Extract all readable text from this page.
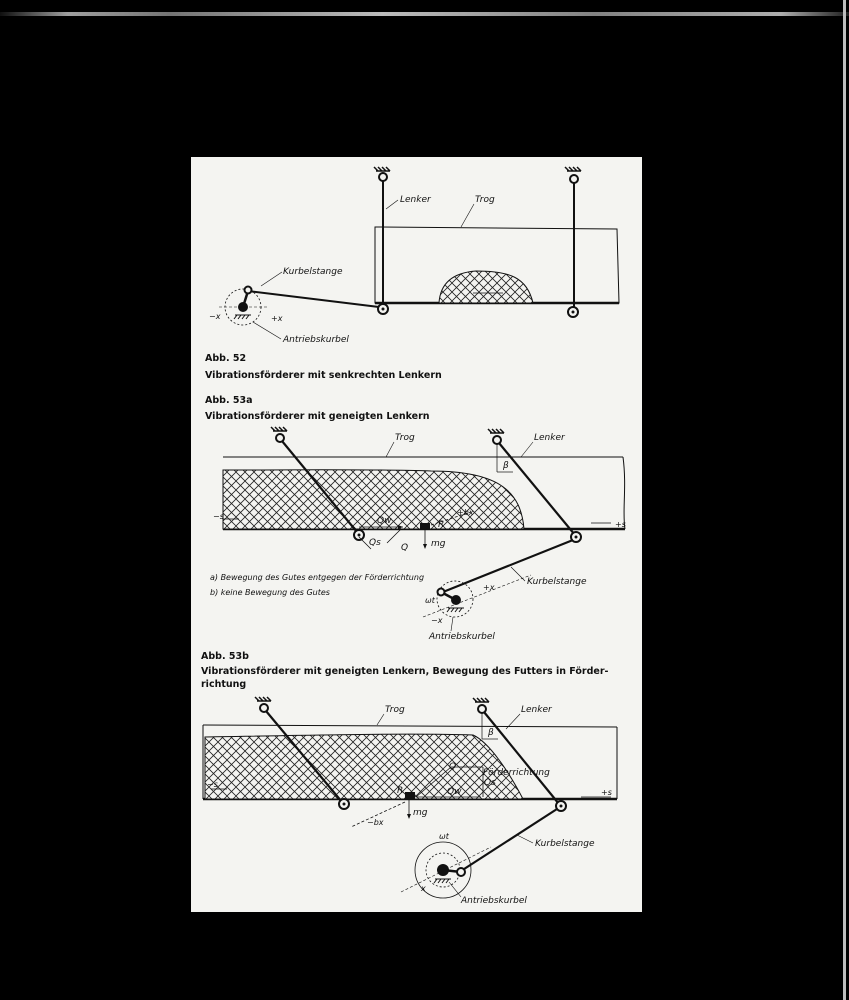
Lenker	Trog
Kurbelstange
Antriebskurbel
−x	+x
Abb. 52
Vibrationsförderer mit senkrechten Lenkern
Abb. 53a
Vibrationsförderer mit geneigten Lenkern
β
Trog	Lenker
−s
+s
Qw
Qs Q
R
mg
+bx
Kurbelstange
Antriebskurbel
ωt
−x
+x
a) Bewegung des Gutes entgegen der Förderrichtung
b) keine Bewegung des Gutes
Abb. 53b
Vibrationsförderer mit geneigten Lenkern, Bewegung des Futters in Förder-
richtung
β
Trog	Lenker
Förderrichtung
Q
Qs
Qw
R
mg
−s
+s
−bx
Kurbelstange
Antriebskurbel
ωt
x
